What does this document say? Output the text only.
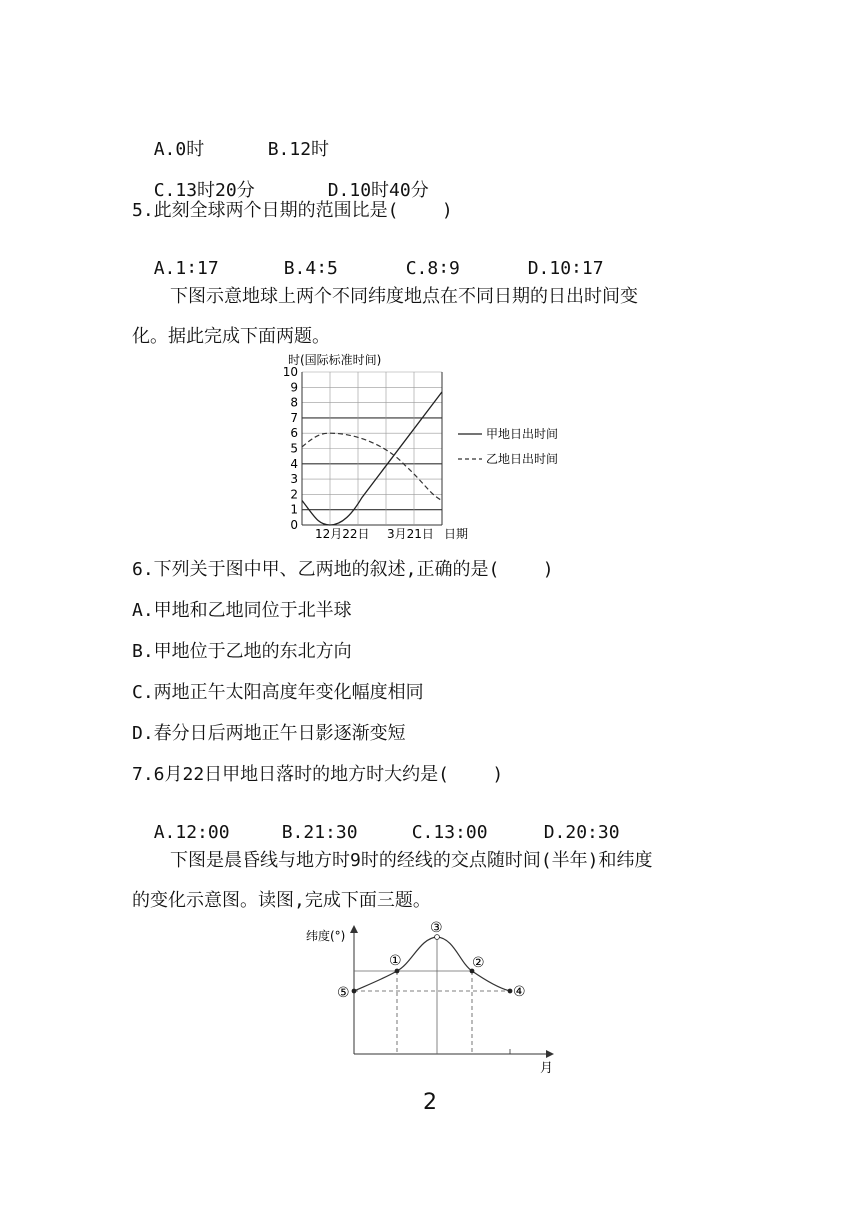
A.0时	B.12时

C.13时20分	D.10时40分

5.此刻全球两个日期的范围比是(    )

A.1∶17	B.4∶5	C.8∶9	D.10∶17

下图示意地球上两个不同纬度地点在不同日期的日出时间变
化。据此完成下面两题。
时(国际标准时间)
0
1
2
3
4
5
6
7
8
9
10
12月22日 3月21日 日期
甲地日出时间
乙地日出时间
6.下列关于图中甲、乙两地的叙述,正确的是(    )
A.甲地和乙地同位于北半球
B.甲地位于乙地的东北方向
C.两地正午太阳高度年变化幅度相同
D.春分日后两地正午日影逐渐变短
7.6月22日甲地日落时的地方时大约是(    )

A.12:00	B.21:30	C.13:00	D.20:30

下图是晨昏线与地方时9时的经线的交点随时间(半年)和纬度
的变化示意图。读图,完成下面三题。
纬度(°)
①	②
③
④
⑤
月
2
